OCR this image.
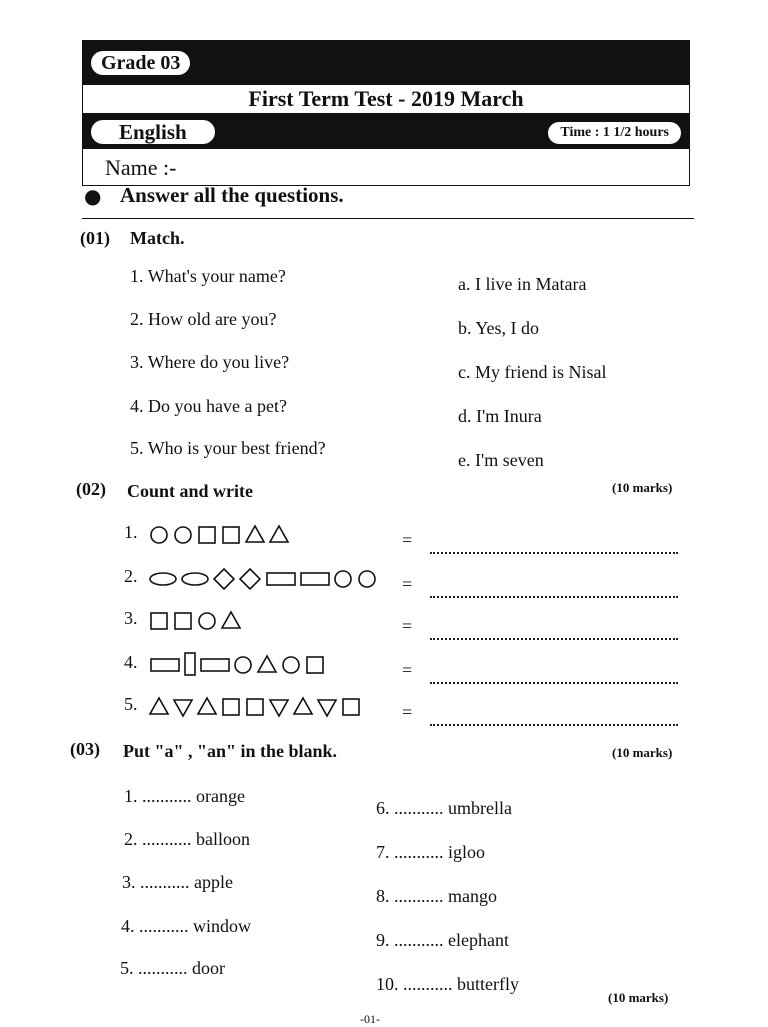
Grade 03
First Term Test - 2019 March
English	Time : 1 1/2 hours
Name :-
● Answer all the questions.
(01) Match.
1. What's your name?
2. How old are you?
3. Where do you live?
4. Do you have a pet?
5. Who is your best friend?
a. I live in Matara
b. Yes, I do
c. My friend is Nisal
d. I'm Inura
e. I'm seven
(02) Count and write	(10 marks)
1.	=
2.	=
3.	=
4.	=
5.	=
(03) Put "a" , "an" in the blank.	(10 marks)
1. ........... orange
2. ........... balloon
3. ........... apple
4. ........... window
5. ........... door
6. ........... umbrella
7. ........... igloo
8. ........... mango
9. ........... elephant
10. ........... butterfly
(10 marks)
-01-
